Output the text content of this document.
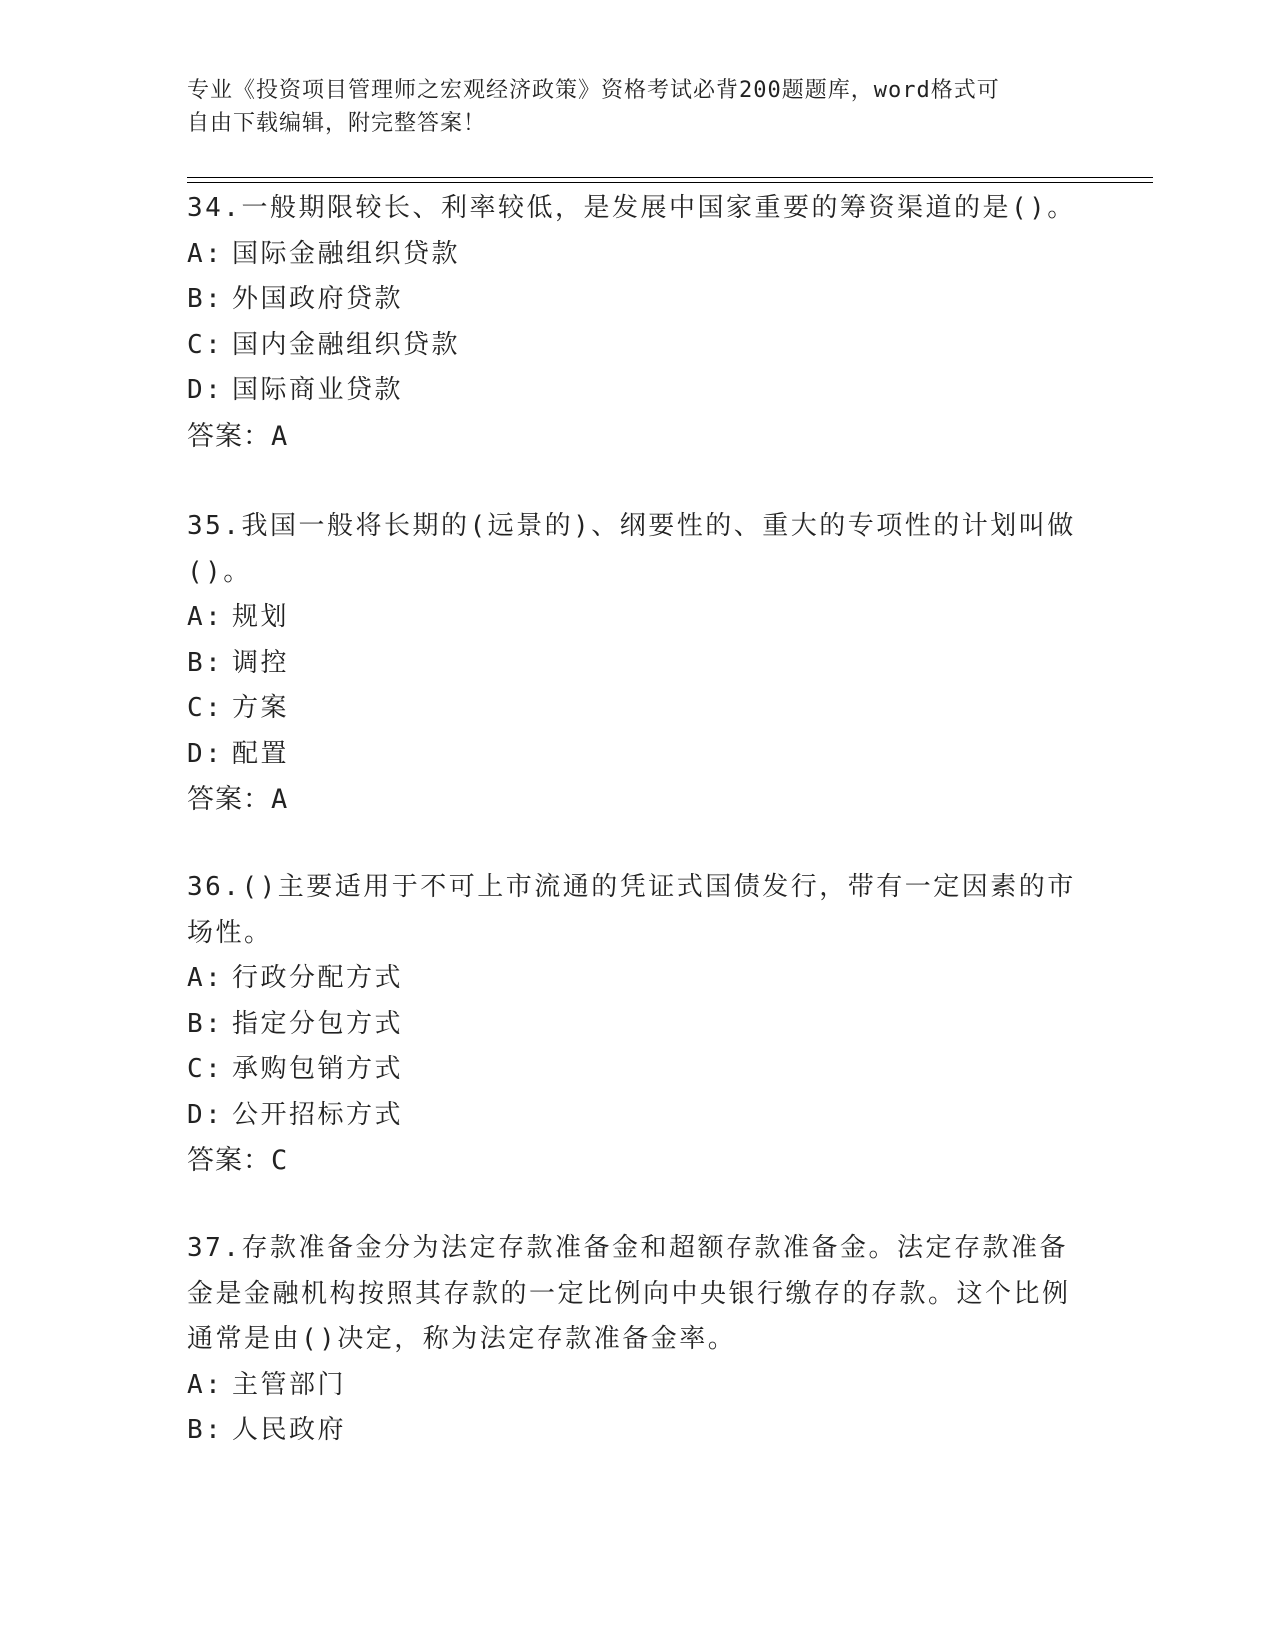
专业《投资项目管理师之宏观经济政策》资格考试必背200题题库，word格式可
自由下载编辑，附完整答案！

34.一般期限较长、利率较低，是发展中国家重要的筹资渠道的是()。

A: 国际金融组织贷款

B: 外国政府贷款

C: 国内金融组织贷款

D: 国际商业贷款

答案：A

35.我国一般将长期的(远景的)、纲要性的、重大的专项性的计划叫做()。

A: 规划

B: 调控

C: 方案

D: 配置

答案：A

36.()主要适用于不可上市流通的凭证式国债发行，带有一定因素的市场性。

A: 行政分配方式

B: 指定分包方式

C: 承购包销方式

D: 公开招标方式

答案：C

37.存款准备金分为法定存款准备金和超额存款准备金。法定存款准备金是金融机构按照其存款的一定比例向中央银行缴存的存款。这个比例通常是由()决定，称为法定存款准备金率。

A: 主管部门

B: 人民政府
